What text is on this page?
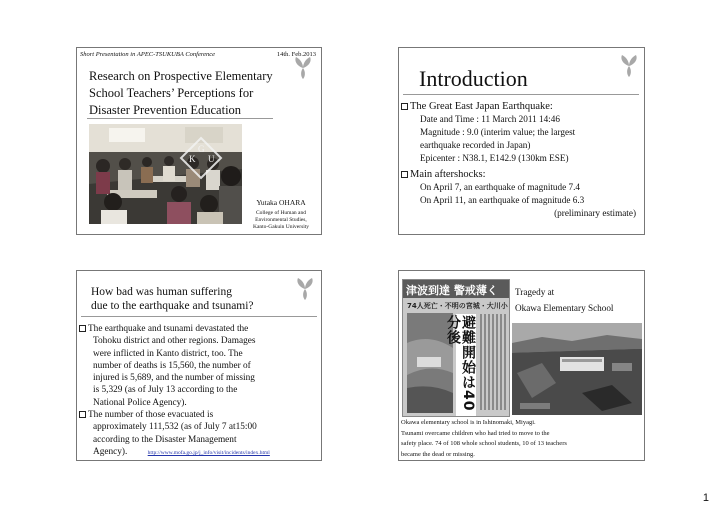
Short Presentation in APEC-TSUKUBA Conference	14th. Feb.2013
Research on Prospective Elementary
School Teachers’ Perceptions for
Disaster Prevention Education
K
G
U
Yutaka OHARA
College of Human and
Environmental Studies,
Kanto-Gakuin University
Introduction
The Great East Japan Earthquake:
Date and Time : 11 March 2011 14:46
Magnitude : 9.0 (interim value; the largest
earthquake recorded in Japan)
Epicenter : N38.1, E142.9 (130km ESE)
Main aftershocks:
On April 7, an earthquake of magnitude 7.4
On April 11, an earthquake of magnitude 6.3
(preliminary estimate)
How bad was human suffering
due to the earthquake and tsunami?
The earthquake and tsunami devastated the
Tohoku district and other regions. Damages
were inflicted in Kanto district, too. The
number of deaths is 15,560, the number of
injured is 5,689, and the number of missing
is 5,329 (as of July 13 according to the
National Police Agency).
The number of those evacuated is
approximately 111,532 (as of July 7 at15:00
according to the Disaster Management
Agency).	http://www.mofa.go.jp/j_info/visit/incidents/index.html
津波到達 警戒薄く
74人死亡・不明の宮城・大川小
避難開始は40分後
Tragedy at
Okawa Elementary School
Okawa elementary school is in Ishinomaki, Miyagi.
Tsunami overcame children who had tried to move to the
safety place. 74 of 108 whole school students, 10 of 13 teachers
became the dead or missing.
1
